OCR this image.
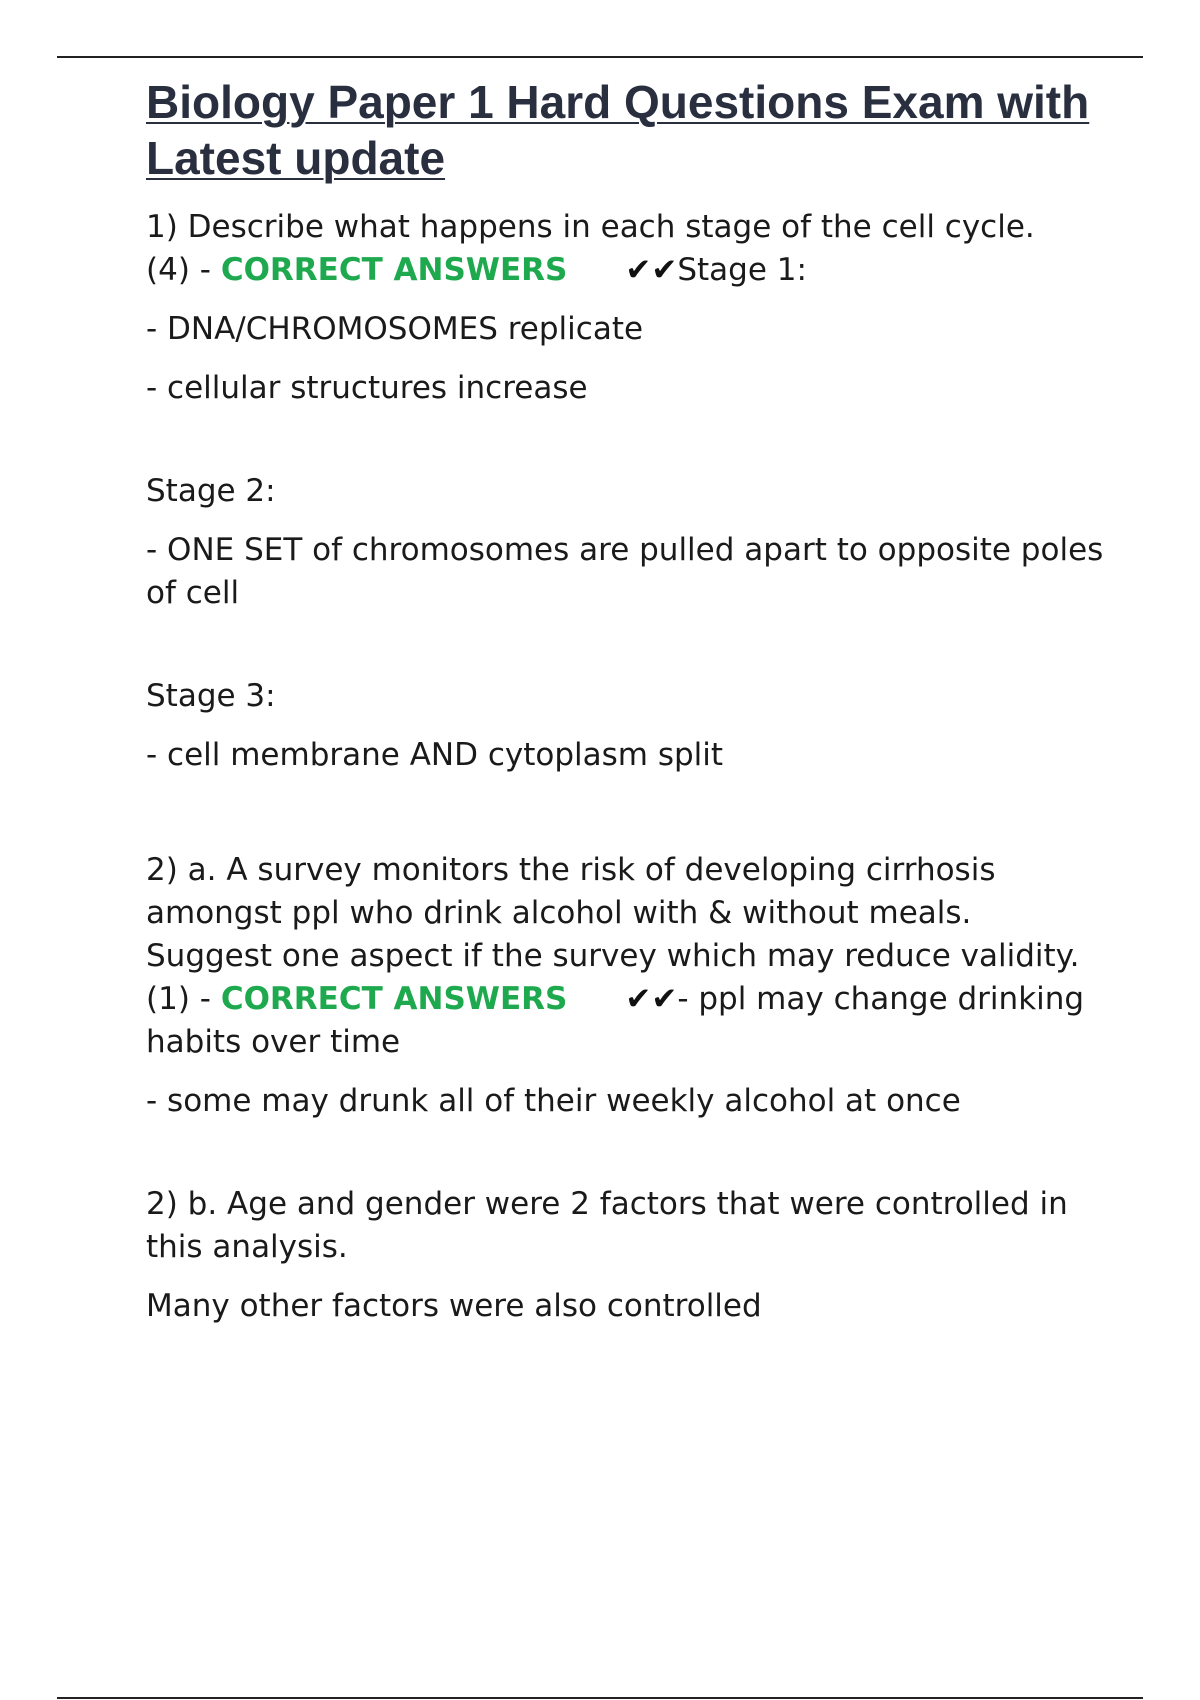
Biology Paper 1 Hard Questions Exam with Latest update

1) Describe what happens in each stage of the cell cycle.
(4) - CORRECT ANSWERS ✔✔Stage 1:

- DNA/CHROMOSOMES replicate

- cellular structures increase

Stage 2:

- ONE SET of chromosomes are pulled apart to opposite poles of cell

Stage 3:

- cell membrane AND cytoplasm split

2) a. A survey monitors the risk of developing cirrhosis amongst ppl who drink alcohol with & without meals. Suggest one aspect if the survey which may reduce validity. (1) - CORRECT ANSWERS ✔✔- ppl may change drinking habits over time

- some may drunk all of their weekly alcohol at once

2) b. Age and gender were 2 factors that were controlled in this analysis.

Many other factors were also controlled
